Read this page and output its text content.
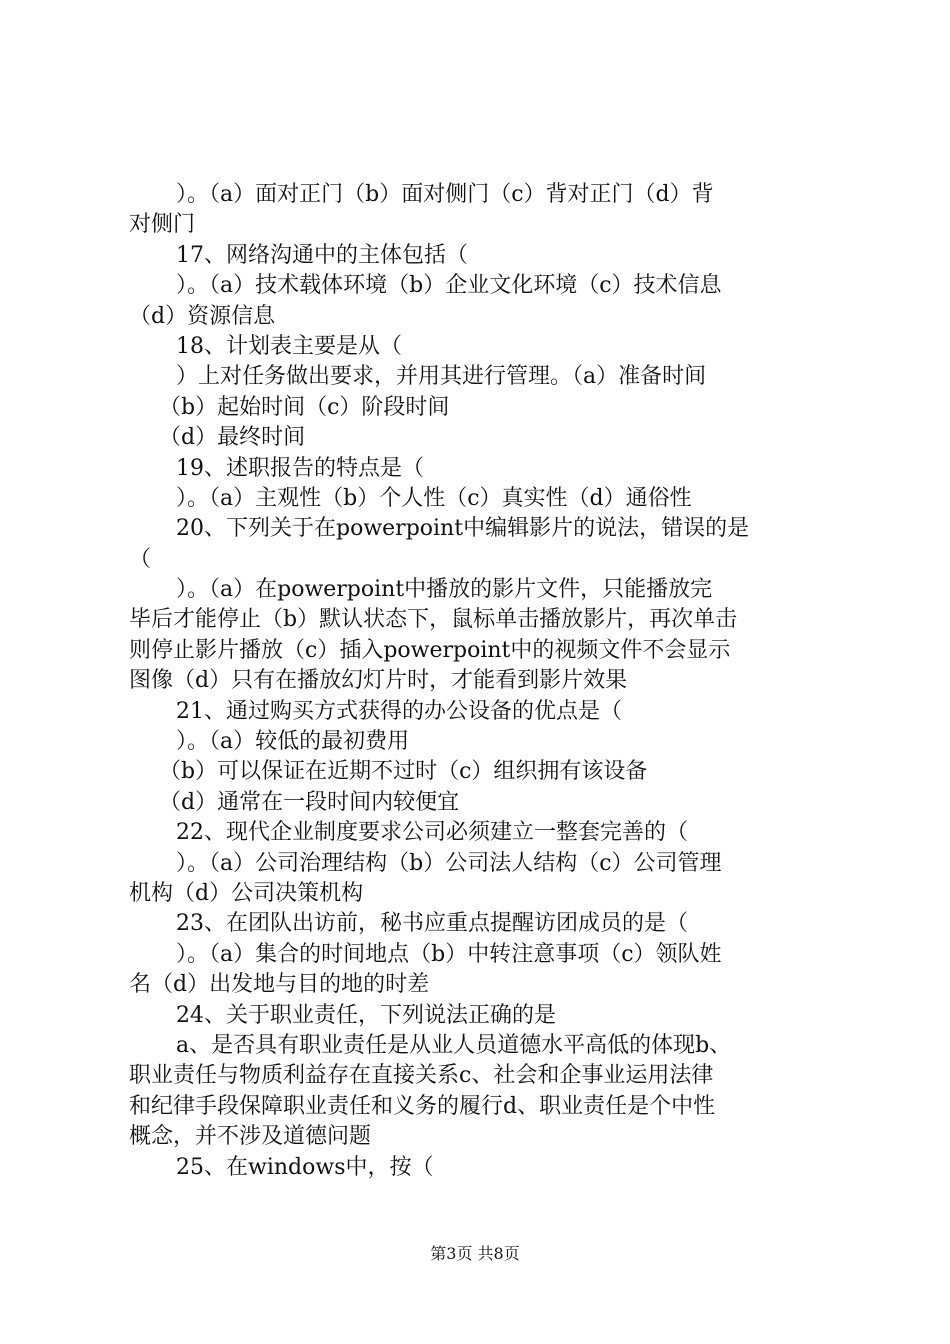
）。（a）面对正门（b）面对侧门（c）背对正门（d）背
对侧门
17、网络沟通中的主体包括（
）。（a）技术载体环境（b）企业文化环境（c）技术信息
（d）资源信息
18、计划表主要是从（
）上对任务做出要求，并用其进行管理。（a）准备时间
（b）起始时间（c）阶段时间
（d）最终时间
19、述职报告的特点是（
）。（a）主观性（b）个人性（c）真实性（d）通俗性
20、下列关于在powerpoint中编辑影片的说法，错误的是
（
）。（a）在powerpoint中播放的影片文件，只能播放完
毕后才能停止（b）默认状态下，鼠标单击播放影片，再次单击
则停止影片播放（c）插入powerpoint中的视频文件不会显示
图像（d）只有在播放幻灯片时，才能看到影片效果
21、通过购买方式获得的办公设备的优点是（
）。（a）较低的最初费用
（b）可以保证在近期不过时（c）组织拥有该设备
（d）通常在一段时间内较便宜
22、现代企业制度要求公司必须建立一整套完善的（
）。（a）公司治理结构（b）公司法人结构（c）公司管理
机构（d）公司决策机构
23、在团队出访前，秘书应重点提醒访团成员的是（
）。（a）集合的时间地点（b）中转注意事项（c）领队姓
名（d）出发地与目的地的时差
24、关于职业责任，下列说法正确的是
a、是否具有职业责任是从业人员道德水平高低的体现b、
职业责任与物质利益存在直接关系c、社会和企事业运用法律
和纪律手段保障职业责任和义务的履行d、职业责任是个中性
概念，并不涉及道德问题
25、在windows中，按（
第3页 共8页
